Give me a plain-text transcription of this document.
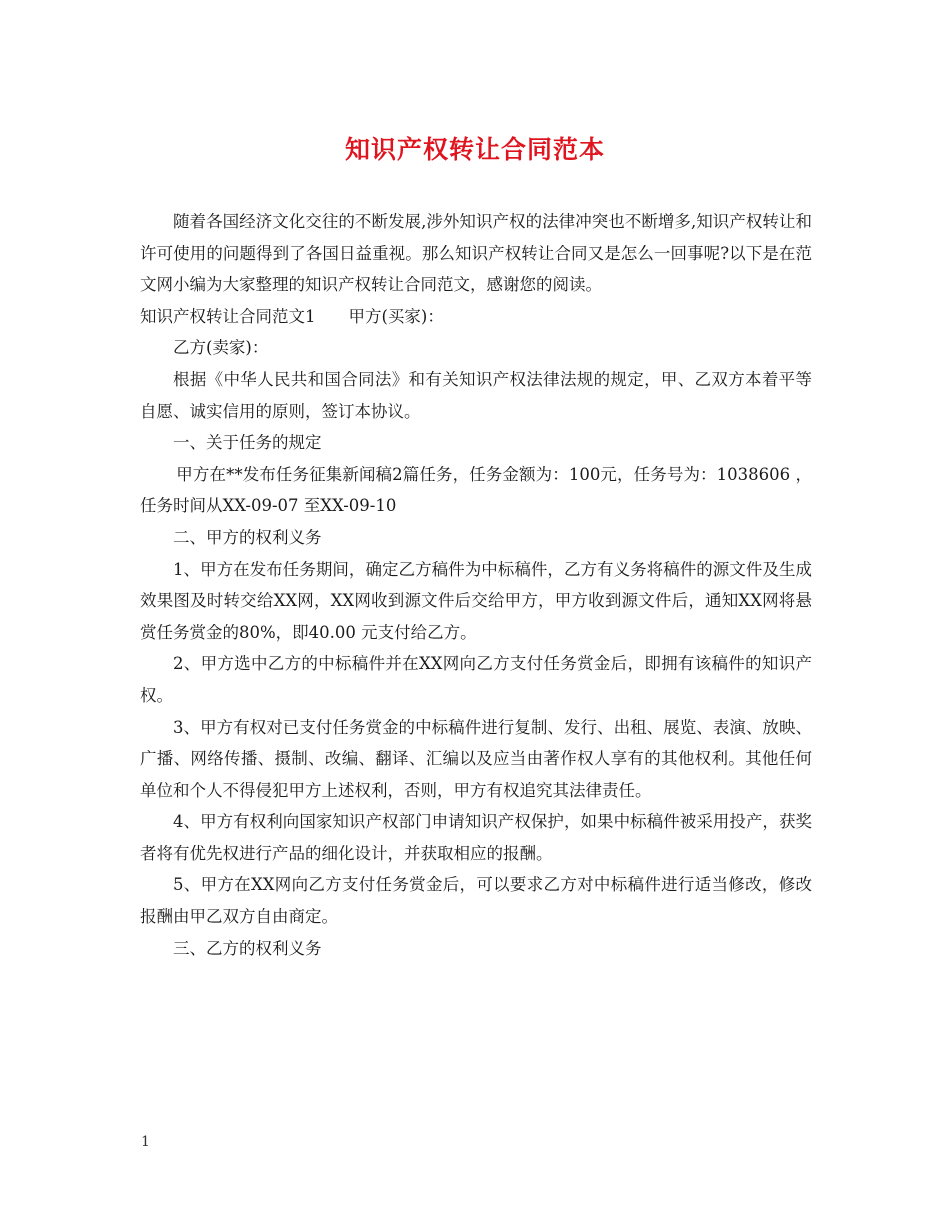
知识产权转让合同范本

随着各国经济文化交往的不断发展,涉外知识产权的法律冲突也不断增多,知识产权转让和许可使用的问题得到了各国日益重视。那么知识产权转让合同又是怎么一回事呢?以下是在范文网小编为大家整理的知识产权转让合同范文，感谢您的阅读。

知识产权转让合同范文1　　甲方(买家)：

乙方(卖家)：

根据《中华人民共和国合同法》和有关知识产权法律法规的规定，甲、乙双方本着平等自愿、诚实信用的原则，签订本协议。

一、关于任务的规定

甲方在**发布任务征集新闻稿2篇任务，任务金额为：100元，任务号为：1038606 ，任务时间从XX-09-07 至XX-09-10

二、甲方的权利义务

1、甲方在发布任务期间，确定乙方稿件为中标稿件，乙方有义务将稿件的源文件及生成效果图及时转交给XX网，XX网收到源文件后交给甲方，甲方收到源文件后，通知XX网将悬赏任务赏金的80%，即40.00 元支付给乙方。

2、甲方选中乙方的中标稿件并在XX网向乙方支付任务赏金后，即拥有该稿件的知识产权。

3、甲方有权对已支付任务赏金的中标稿件进行复制、发行、出租、展览、表演、放映、广播、网络传播、摄制、改编、翻译、汇编以及应当由著作权人享有的其他权利。其他任何单位和个人不得侵犯甲方上述权利，否则，甲方有权追究其法律责任。

4、甲方有权利向国家知识产权部门申请知识产权保护，如果中标稿件被采用投产，获奖者将有优先权进行产品的细化设计，并获取相应的报酬。

5、甲方在XX网向乙方支付任务赏金后，可以要求乙方对中标稿件进行适当修改，修改报酬由甲乙双方自由商定。

三、乙方的权利义务

1
